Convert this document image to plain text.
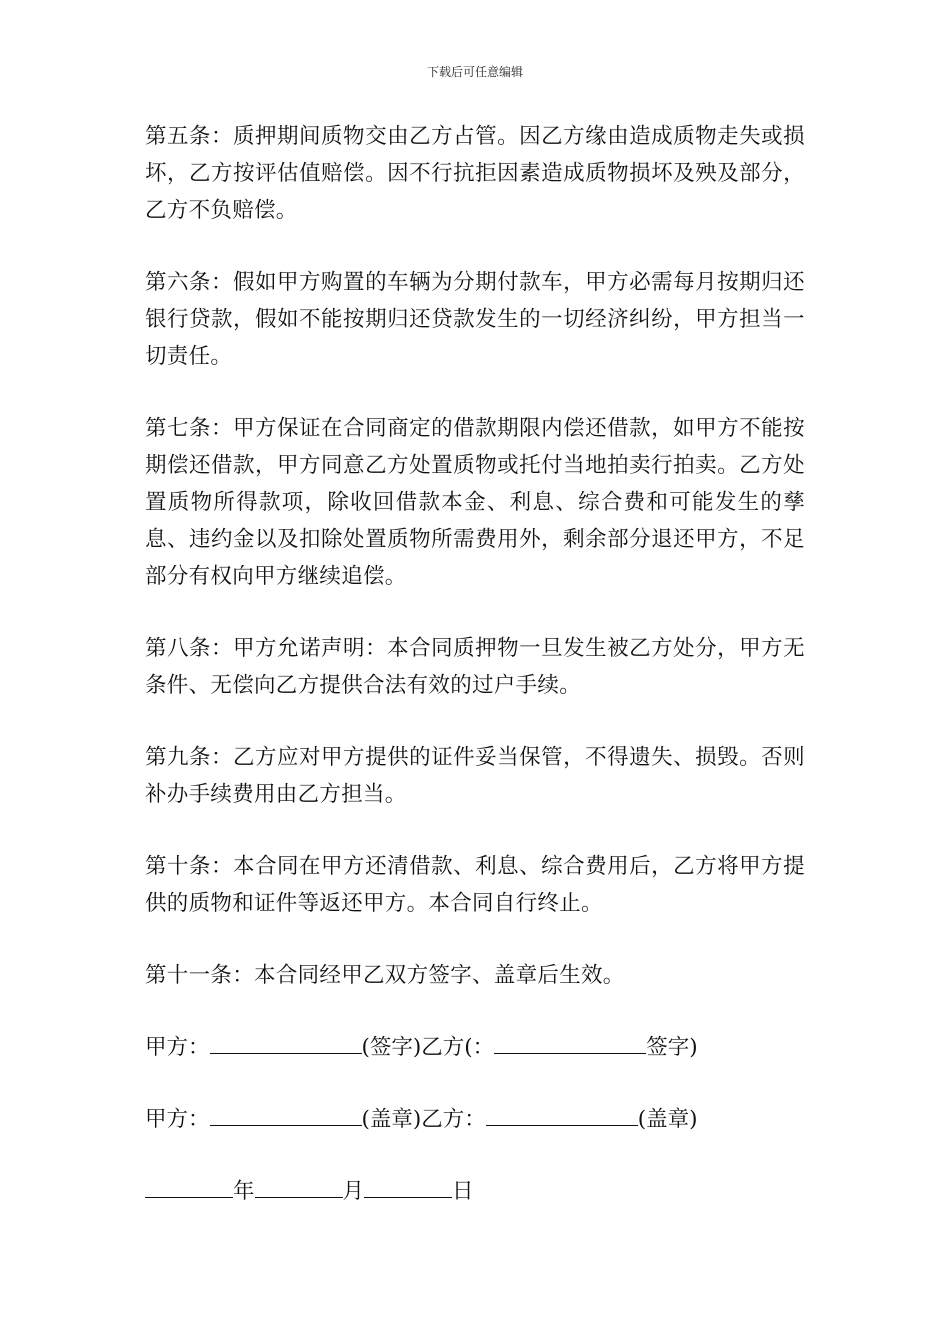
下载后可任意编辑

第五条：质押期间质物交由乙方占管。因乙方缘由造成质物走失或损坏，乙方按评估值赔偿。因不行抗拒因素造成质物损坏及殃及部分，乙方不负赔偿。

第六条：假如甲方购置的车辆为分期付款车，甲方必需每月按期归还银行贷款，假如不能按期归还贷款发生的一切经济纠纷，甲方担当一切责任。

第七条：甲方保证在合同商定的借款期限内偿还借款，如甲方不能按期偿还借款，甲方同意乙方处置质物或托付当地拍卖行拍卖。乙方处置质物所得款项，除收回借款本金、利息、综合费和可能发生的孳息、违约金以及扣除处置质物所需费用外，剩余部分退还甲方，不足部分有权向甲方继续追偿。

第八条：甲方允诺声明：本合同质押物一旦发生被乙方处分，甲方无条件、无偿向乙方提供合法有效的过户手续。

第九条：乙方应对甲方提供的证件妥当保管，不得遗失、损毁。否则补办手续费用由乙方担当。

第十条：本合同在甲方还清借款、利息、综合费用后，乙方将甲方提供的质物和证件等返还甲方。本合同自行终止。

第十一条：本合同经甲乙双方签字、盖章后生效。

甲方：	(签字)乙方(：	签字)
甲方：	(盖章)乙方：	(盖章)
年	月	日
